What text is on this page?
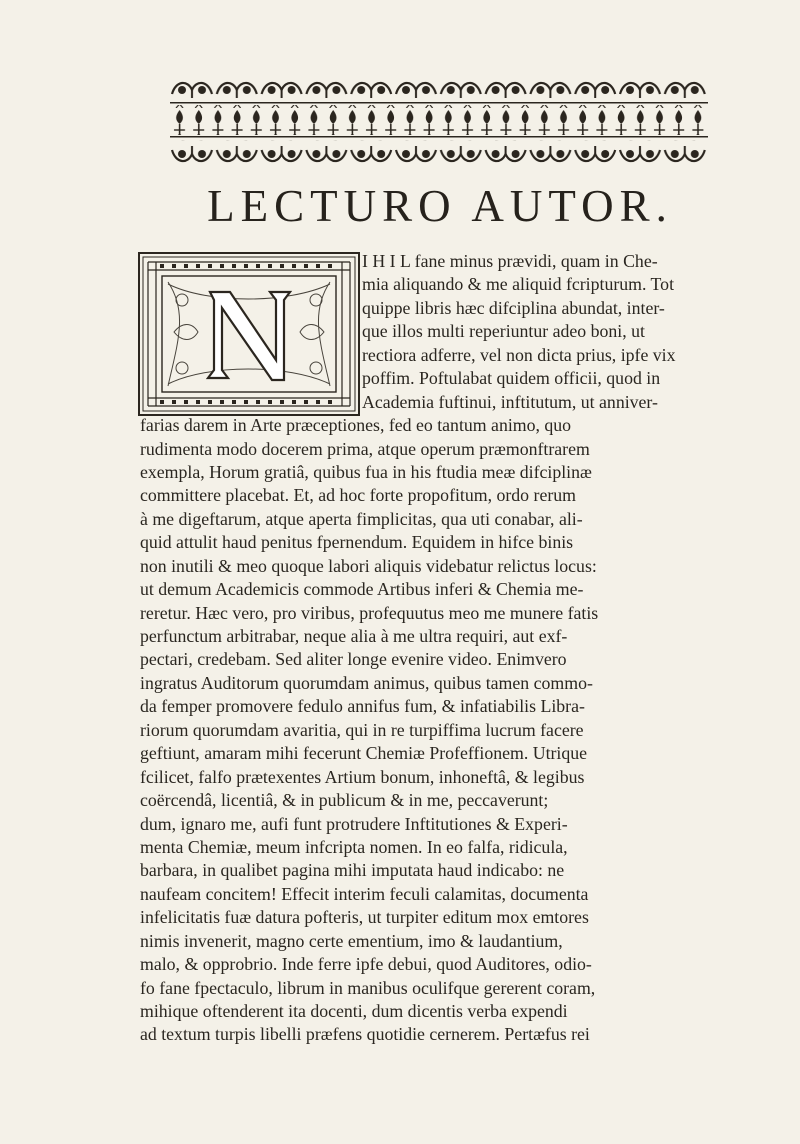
LECTURO AUTOR.
I H I L fane minus prævidi, quam in Che-
mia aliquando & me aliquid fcripturum. Tot
quippe libris hæc difciplina abundat, inter-
que illos multi reperiuntur adeo boni, ut
rectiora adferre, vel non dicta prius, ipfe vix
poffim. Poftulabat quidem officii, quod in
Academia fuftinui, inftitutum, ut anniver-
farias darem in Arte præceptiones, fed eo tantum animo, quo
rudimenta modo docerem prima, atque operum præmonftrarem
exempla, Horum gratiâ, quibus fua in his ftudia meæ difciplinæ
committere placebat. Et, ad hoc forte propofitum, ordo rerum
à me digeftarum, atque aperta fimplicitas, qua uti conabar, ali-
quid attulit haud penitus fpernendum. Equidem in hifce binis
non inutili & meo quoque labori aliquis videbatur relictus locus:
ut demum Academicis commode Artibus inferi & Chemia me-
reretur. Hæc vero, pro viribus, profequutus meo me munere fatis
perfunctum arbitrabar, neque alia à me ultra requiri, aut exf-
pectari, credebam. Sed aliter longe evenire video. Enimvero
ingratus Auditorum quorumdam animus, quibus tamen commo-
da femper promovere fedulo annifus fum, & infatiabilis Libra-
riorum quorumdam avaritia, qui in re turpiffima lucrum facere
geftiunt, amaram mihi fecerunt Chemiæ Profeffionem. Utrique
fcilicet, falfo prætexentes Artium bonum, inhoneftâ, & legibus
coërcendâ, licentiâ, & in publicum & in me, peccaverunt;
dum, ignaro me, aufi funt protrudere Inftitutiones & Experi-
menta Chemiæ, meum infcripta nomen. In eo falfa, ridicula,
barbara, in qualibet pagina mihi imputata haud indicabo: ne
naufeam concitem! Effecit interim feculi calamitas, documenta
infelicitatis fuæ datura pofteris, ut turpiter editum mox emtores
nimis invenerit, magno certe ementium, imo & laudantium,
malo, & opprobrio. Inde ferre ipfe debui, quod Auditores, odio-
fo fane fpectaculo, librum in manibus oculifque gererent coram,
mihique oftenderent ita docenti, dum dicentis verba expendi
ad textum turpis libelli præfens quotidie cernerem. Pertæfus rei
